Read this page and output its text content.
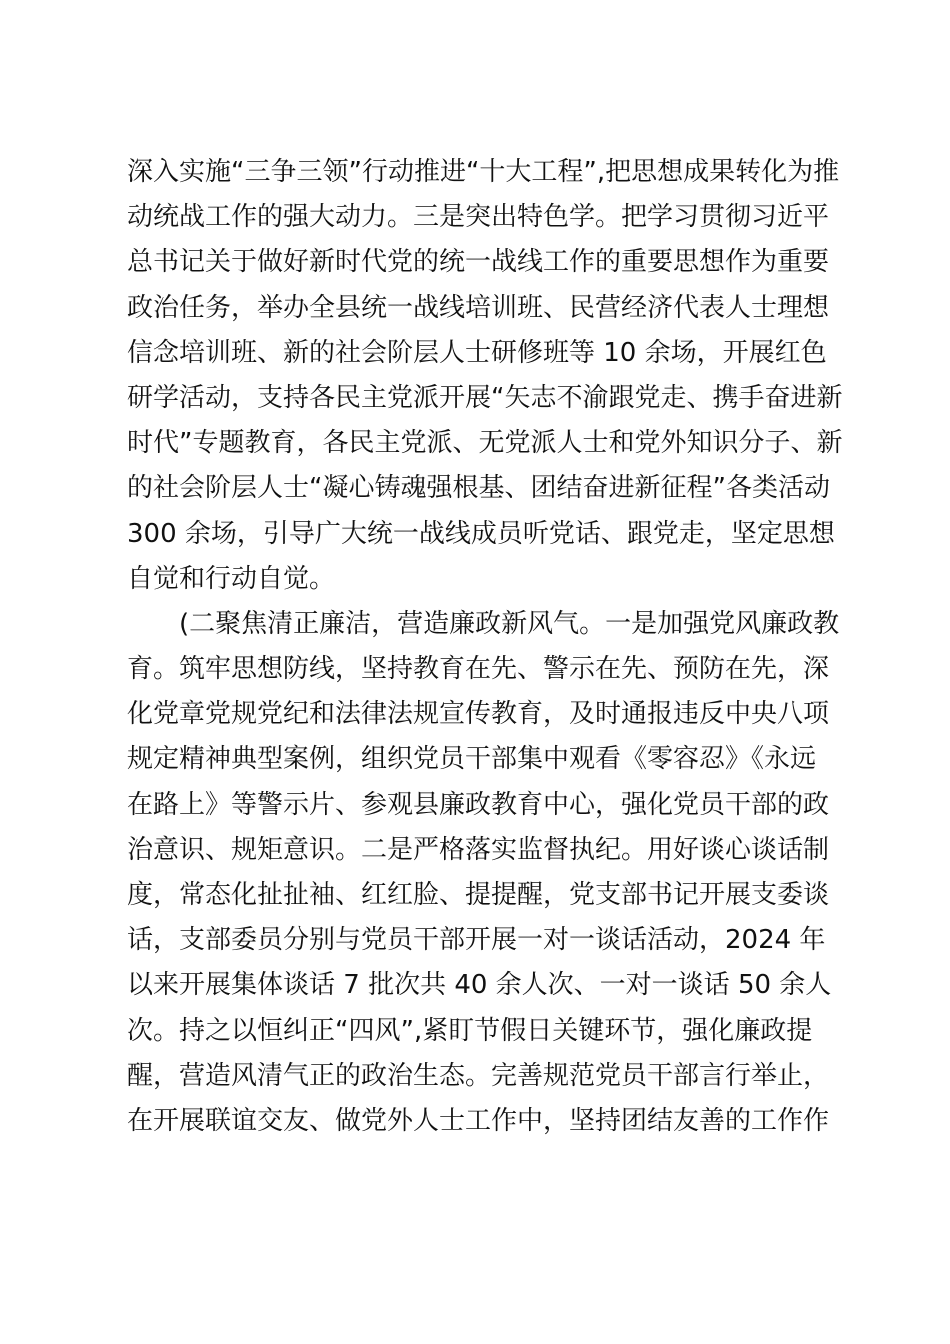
深入实施“三争三领”行动推进“十大工程”,把思想成果转化为推
动统战工作的强大动力。三是突出特色学。把学习贯彻习近平
总书记关于做好新时代党的统一战线工作的重要思想作为重要
政治任务，举办全县统一战线培训班、民营经济代表人士理想
信念培训班、新的社会阶层人士研修班等 10 余场，开展红色
研学活动，支持各民主党派开展“矢志不渝跟党走、携手奋进新
时代”专题教育，各民主党派、无党派人士和党外知识分子、新
的社会阶层人士“凝心铸魂强根基、团结奋进新征程”各类活动
300 余场，引导广大统一战线成员听党话、跟党走，坚定思想
自觉和行动自觉。
　　(二聚焦清正廉洁，营造廉政新风气。一是加强党风廉政教
育。筑牢思想防线，坚持教育在先、警示在先、预防在先，深
化党章党规党纪和法律法规宣传教育，及时通报违反中央八项
规定精神典型案例，组织党员干部集中观看《零容忍》《永远
在路上》等警示片、参观县廉政教育中心，强化党员干部的政
治意识、规矩意识。二是严格落实监督执纪。用好谈心谈话制
度，常态化扯扯袖、红红脸、提提醒，党支部书记开展支委谈
话，支部委员分别与党员干部开展一对一谈话活动，2024 年
以来开展集体谈话 7 批次共 40 余人次、一对一谈话 50 余人
次。持之以恒纠正“四风”,紧盯节假日关键环节，强化廉政提
醒，营造风清气正的政治生态。完善规范党员干部言行举止，
在开展联谊交友、做党外人士工作中，坚持团结友善的工作作
